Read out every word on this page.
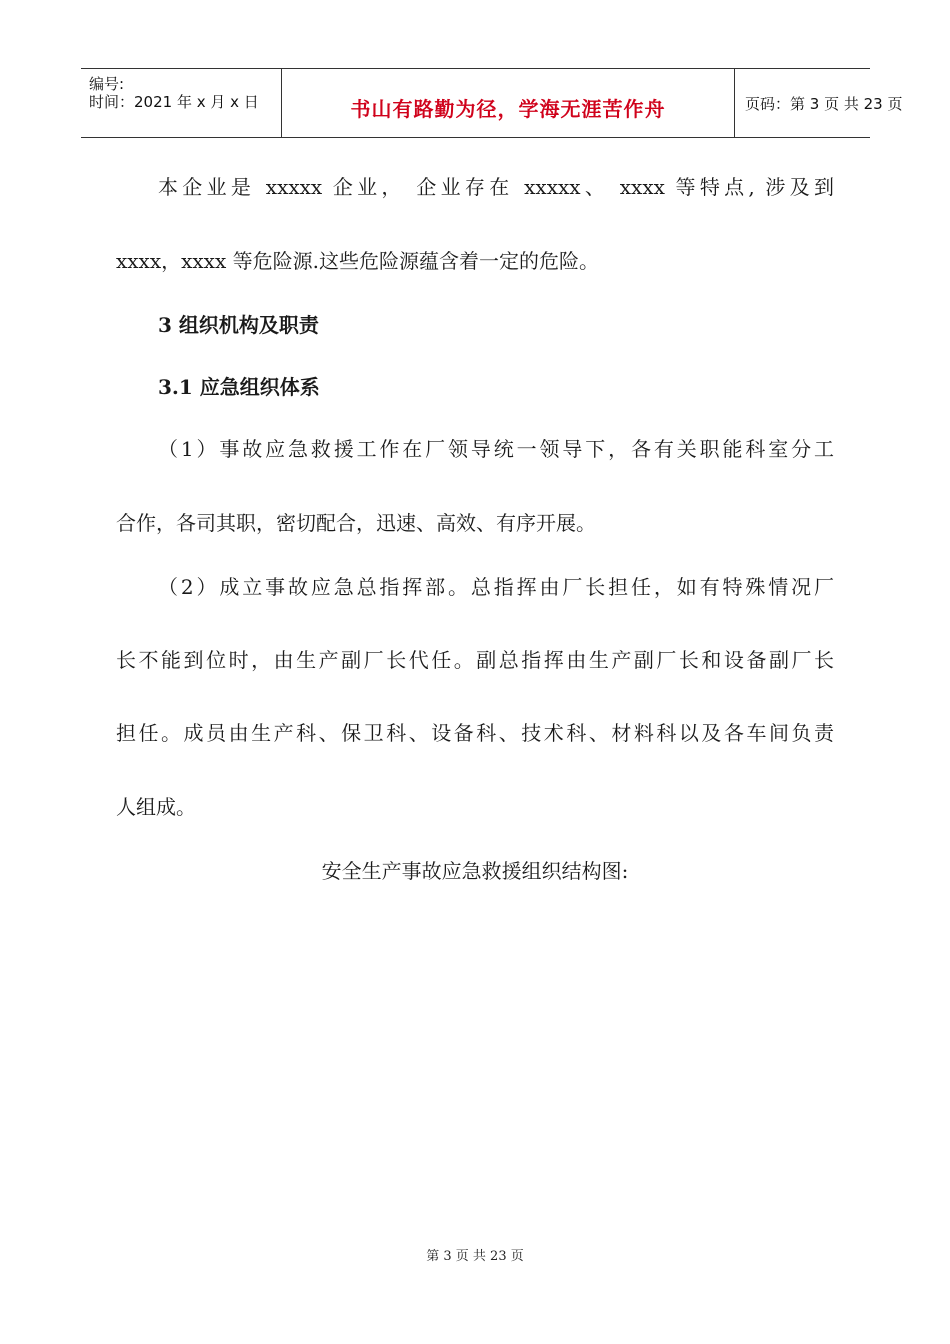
编号:
时间：2021 年 x 月 x 日	书山有路勤为径，学海无涯苦作舟	页码：第 3 页 共 23 页
本企业是 xxxxx 企业， 企业存在 xxxxx、 xxxx 等特点, 涉及到
xxxx，xxxx 等危险源.这些危险源蕴含着一定的危险。
3 组织机构及职责
3.1 应急组织体系
（1）事故应急救援工作在厂领导统一领导下，各有关职能科室分工
合作，各司其职，密切配合，迅速、高效、有序开展。
（2）成立事故应急总指挥部。总指挥由厂长担任，如有特殊情况厂
长不能到位时，由生产副厂长代任。副总指挥由生产副厂长和设备副厂长
担任。成员由生产科、保卫科、设备科、技术科、材料科以及各车间负责
人组成。
安全生产事故应急救援组织结构图:
第 3 页 共 23 页
